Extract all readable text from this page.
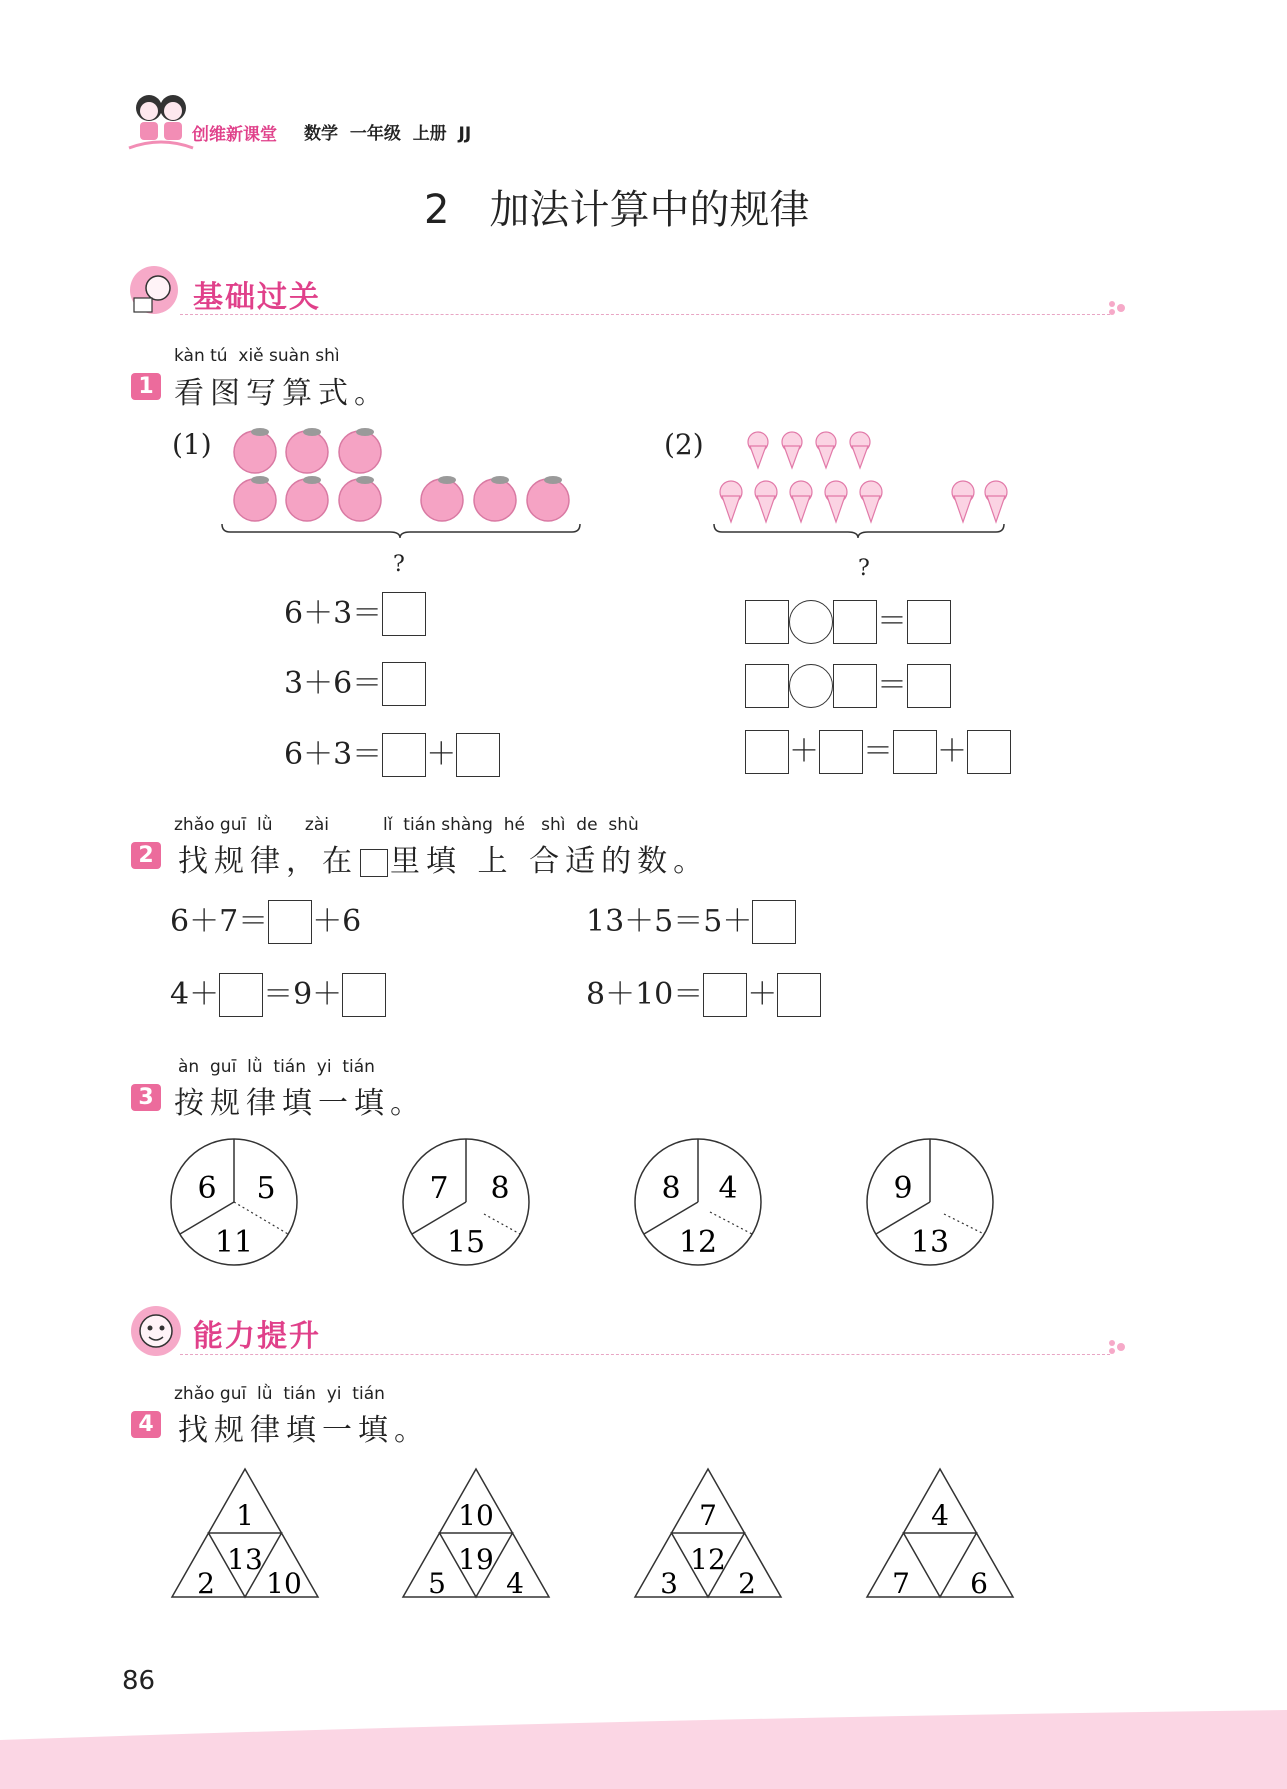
创维新课堂 数学 一年级 上册 JJ
2　加法计算中的规律
基础过关
kàn tú  xiě suàn shì
1 看图写算式。
(1)
?
6＋3＝
3＋6＝
6＋3＝ ＋
(2)
?
＝
＝
＋ ＝ ＋
zhǎo guī  lǜ      zài          lǐ  tián shàng  hé   shì  de  shù
2 找规律，在 里填 上 合适的数。
6＋7＝ ＋6
4＋ ＝9＋
13＋5＝5＋
8＋10＝ ＋
àn  guī  lǜ  tián  yi  tián
3 按规律填一填。
6 5
11
7 8
15
8 4
12
9
13
能力提升
zhǎo guī  lǜ  tián  yi  tián
4 找规律填一填。
1
13
2 10
10
19
5 4
7
12
3 2
4
7 6
86
